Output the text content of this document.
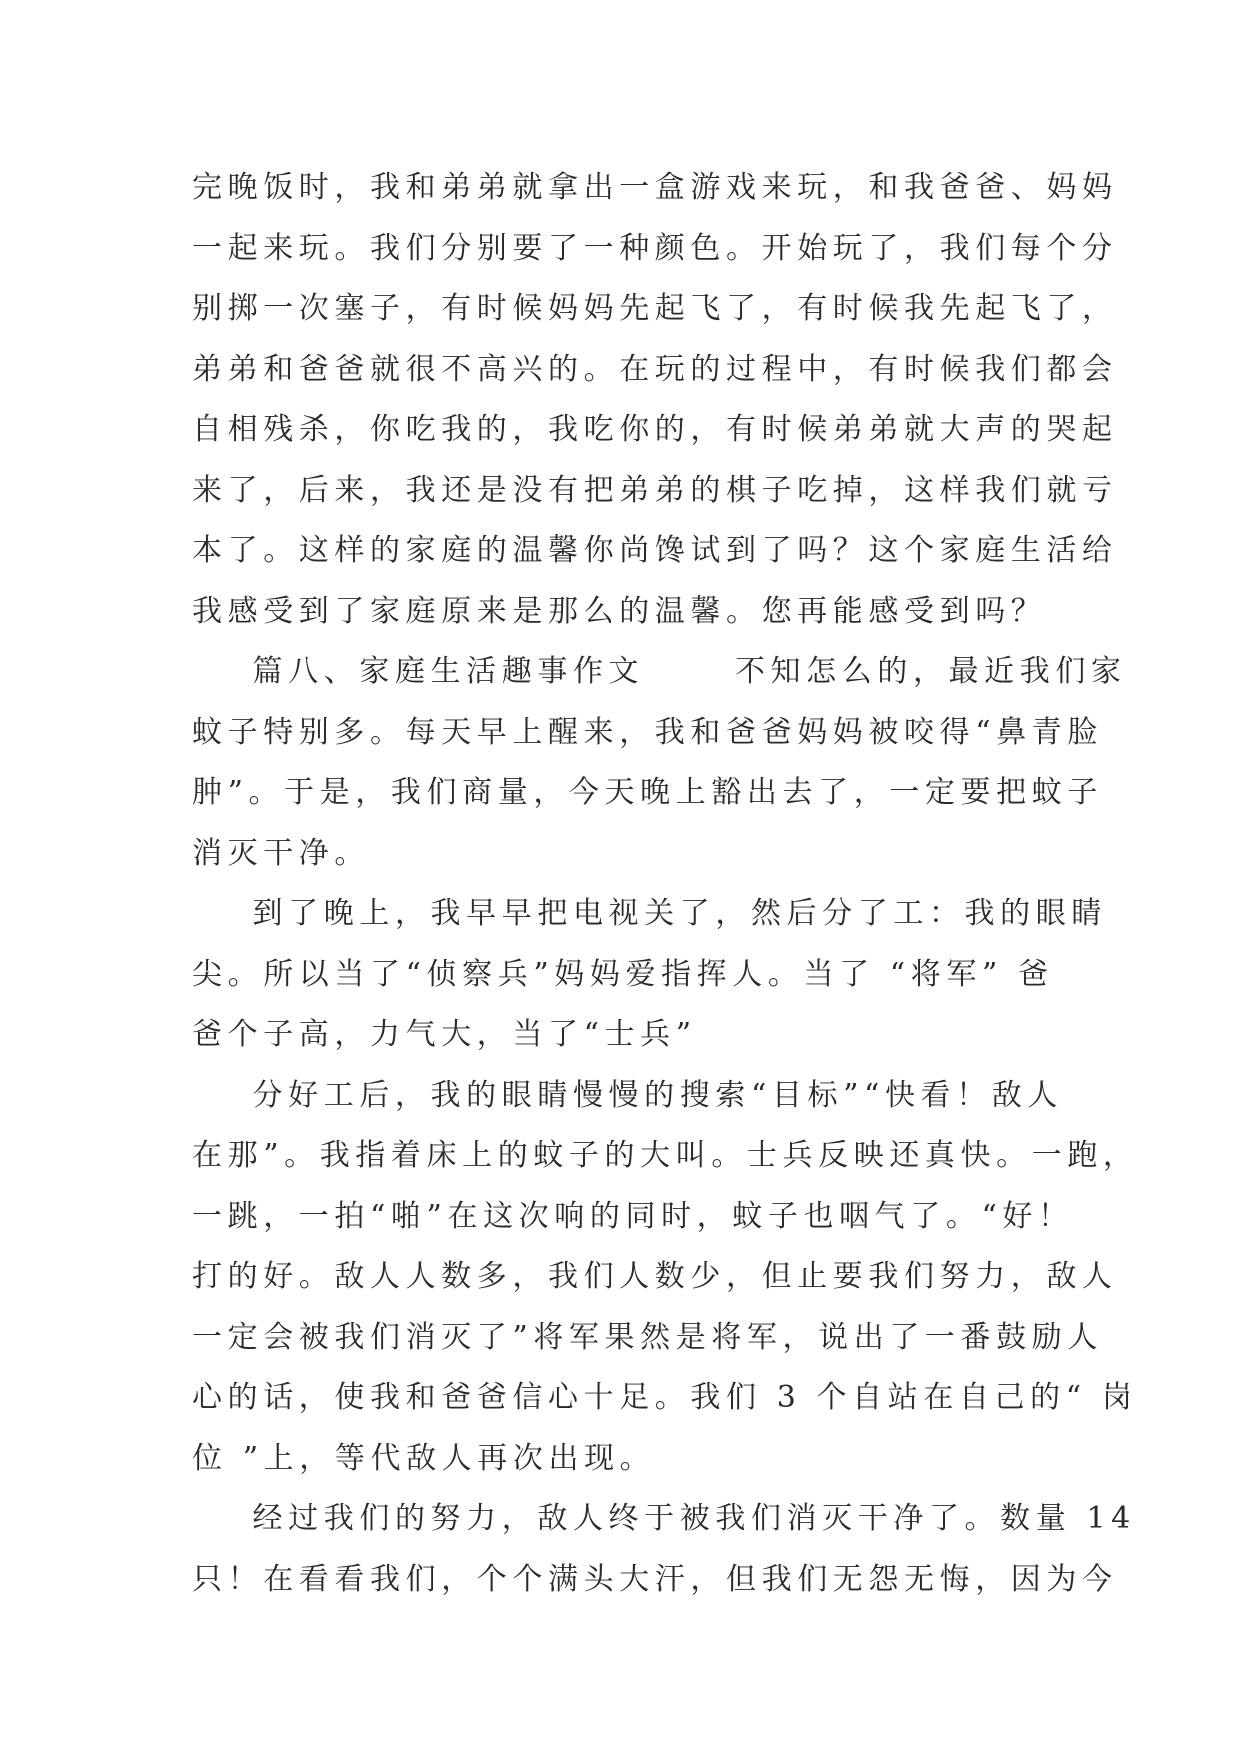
完晚饭时，我和弟弟就拿出一盒游戏来玩，和我爸爸、妈妈
一起来玩。我们分别要了一种颜色。开始玩了，我们每个分
别掷一次塞子，有时候妈妈先起飞了，有时候我先起飞了，
弟弟和爸爸就很不高兴的。在玩的过程中，有时候我们都会
自相残杀，你吃我的，我吃你的，有时候弟弟就大声的哭起
来了，后来，我还是没有把弟弟的棋子吃掉，这样我们就亏
本了。这样的家庭的温馨你尚馋试到了吗？这个家庭生活给
我感受到了家庭原来是那么的温馨。您再能感受到吗？
篇八、家庭生活趣事作文      不知怎么的，最近我们家
蚊子特别多。每天早上醒来，我和爸爸妈妈被咬得“鼻青脸
肿”。于是，我们商量，今天晚上豁出去了，一定要把蚊子
消灭干净。
到了晚上，我早早把电视关了，然后分了工：我的眼睛
尖。所以当了“侦察兵”妈妈爱指挥人。当了 “将军” 爸
爸个子高，力气大，当了“士兵”
分好工后，我的眼睛慢慢的搜索“目标”“快看！敌人
在那”。我指着床上的蚊子的大叫。士兵反映还真快。一跑，
一跳，一拍“啪”在这次响的同时，蚊子也咽气了。“好！
打的好。敌人人数多，我们人数少，但止要我们努力，敌人
一定会被我们消灭了”将军果然是将军，说出了一番鼓励人
心的话，使我和爸爸信心十足。我们 3 个自站在自己的“ 岗
位 ”上，等代敌人再次出现。
经过我们的努力，敌人终于被我们消灭干净了。数量 14
只！在看看我们，个个满头大汗，但我们无怨无悔，因为今
